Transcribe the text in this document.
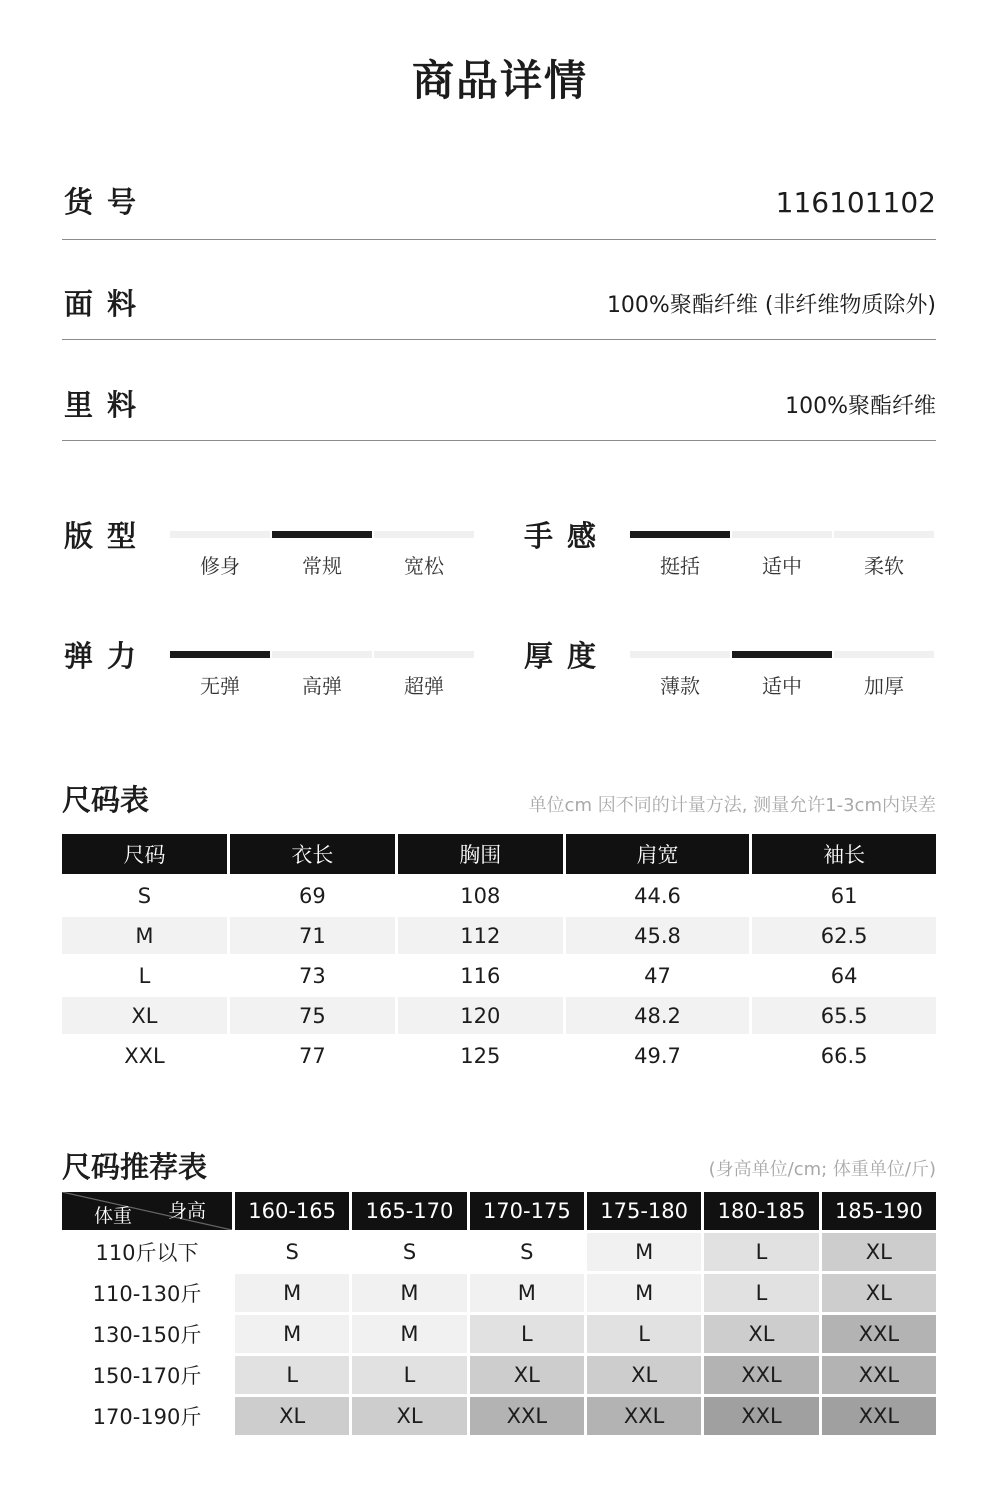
商品详情
货号	116101102
面料	100%聚酯纤维 (非纤维物质除外)
里料	100%聚酯纤维
版型
修身	常规	宽松
手感
挺括	适中	柔软
弹力
无弹	高弹	超弹
厚度
薄款	适中	加厚
尺码表	单位cm 因不同的计量方法, 测量允许1-3cm内误差
尺码	衣长	胸围	肩宽	袖长
S	69	108	44.6	61
M	71	112	45.8	62.5
L	73	116	47	64
XL	75	120	48.2	65.5
XXL	77	125	49.7	66.5
尺码推荐表	(身高单位/cm; 体重单位/斤)
身高
体重	160-165	165-170	170-175	175-180	180-185	185-190
110斤以下	S	S	S	M	L	XL
110-130斤	M	M	M	M	L	XL
130-150斤	M	M	L	L	XL	XXL
150-170斤	L	L	XL	XL	XXL	XXL
170-190斤	XL	XL	XXL	XXL	XXL	XXL
